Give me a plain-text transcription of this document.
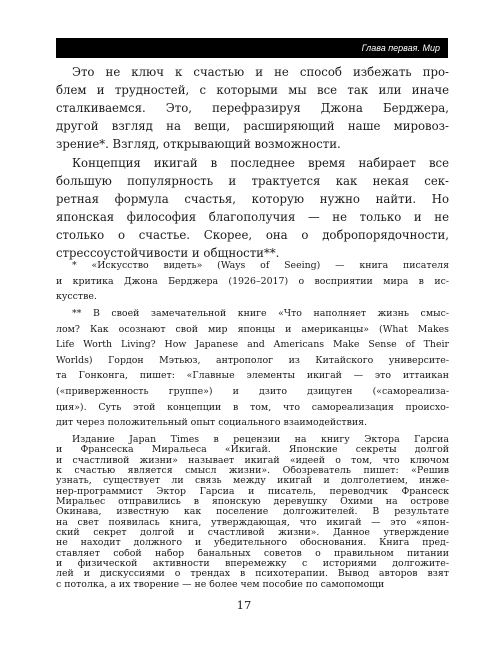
Глава первая. Мир
Это не ключ к счастью и не способ избежать про-
блем и трудностей, с которыми мы все так или иначе
сталкиваемся. Это, перефразируя Джона Берджера,
другой взгляд на вещи, расширяющий наше мировоз-
зрение*. Взгляд, открывающий возможности.
Концепция икигай в последнее время набирает все
большую популярность и трактуется как некая сек-
ретная формула счастья, которую нужно найти. Но
японская философия благополучия — не только и не
столько о счастье. Скорее, она о добропорядочности,
стрессоустойчивости и общности**.
* «Искусство видеть» (Ways of Seeing) — книга писателя
и критика Джона Берджера (1926–2017) о восприятии мира в ис-
кусстве.
** В своей замечательной книге «Что наполняет жизнь смыс-
лом? Как осознают свой мир японцы и американцы» (What Makes
Life Worth Living? How Japanese and Americans Make Sense of Their
Worlds) Гордон Мэтьюз, антрополог из Китайского университе-
та Гонконга, пишет: «Главные элементы икигай — это иттаикан
(«приверженность группе») и дзито дзицуген («самореализа-
ция»). Суть этой концепции в том, что самореализация происхо-
дит через положительный опыт социального взаимодействия.
Издание Japan Times в рецензии на книгу Эктора Гарсиа
и Франсеска Миральеса «Икигай. Японские секреты долгой
и счастливой жизни» называет икигай «идеей о том, что ключом
к счастью является смысл жизни». Обозреватель пишет: «Решив
узнать, существует ли связь между икигай и долголетием, инже-
нер-программист Эктор Гарсиа и писатель, переводчик Франсеск
Миральес отправились в японскую деревушку Охими на острове
Окинава, известную как поселение долгожителей. В результате
на свет появилась книга, утверждающая, что икигай — это «япон-
ский секрет долгой и счастливой жизни». Данное утверждение
не находит должного и убедительного обоснования. Книга пред-
ставляет собой набор банальных советов о правильном питании
и физической активности вперемежку с историями долгожите-
лей и дискуссиями о трендах в психотерапии. Вывод авторов взят
с потолка, а их творение — не более чем пособие по самопомощи
17
